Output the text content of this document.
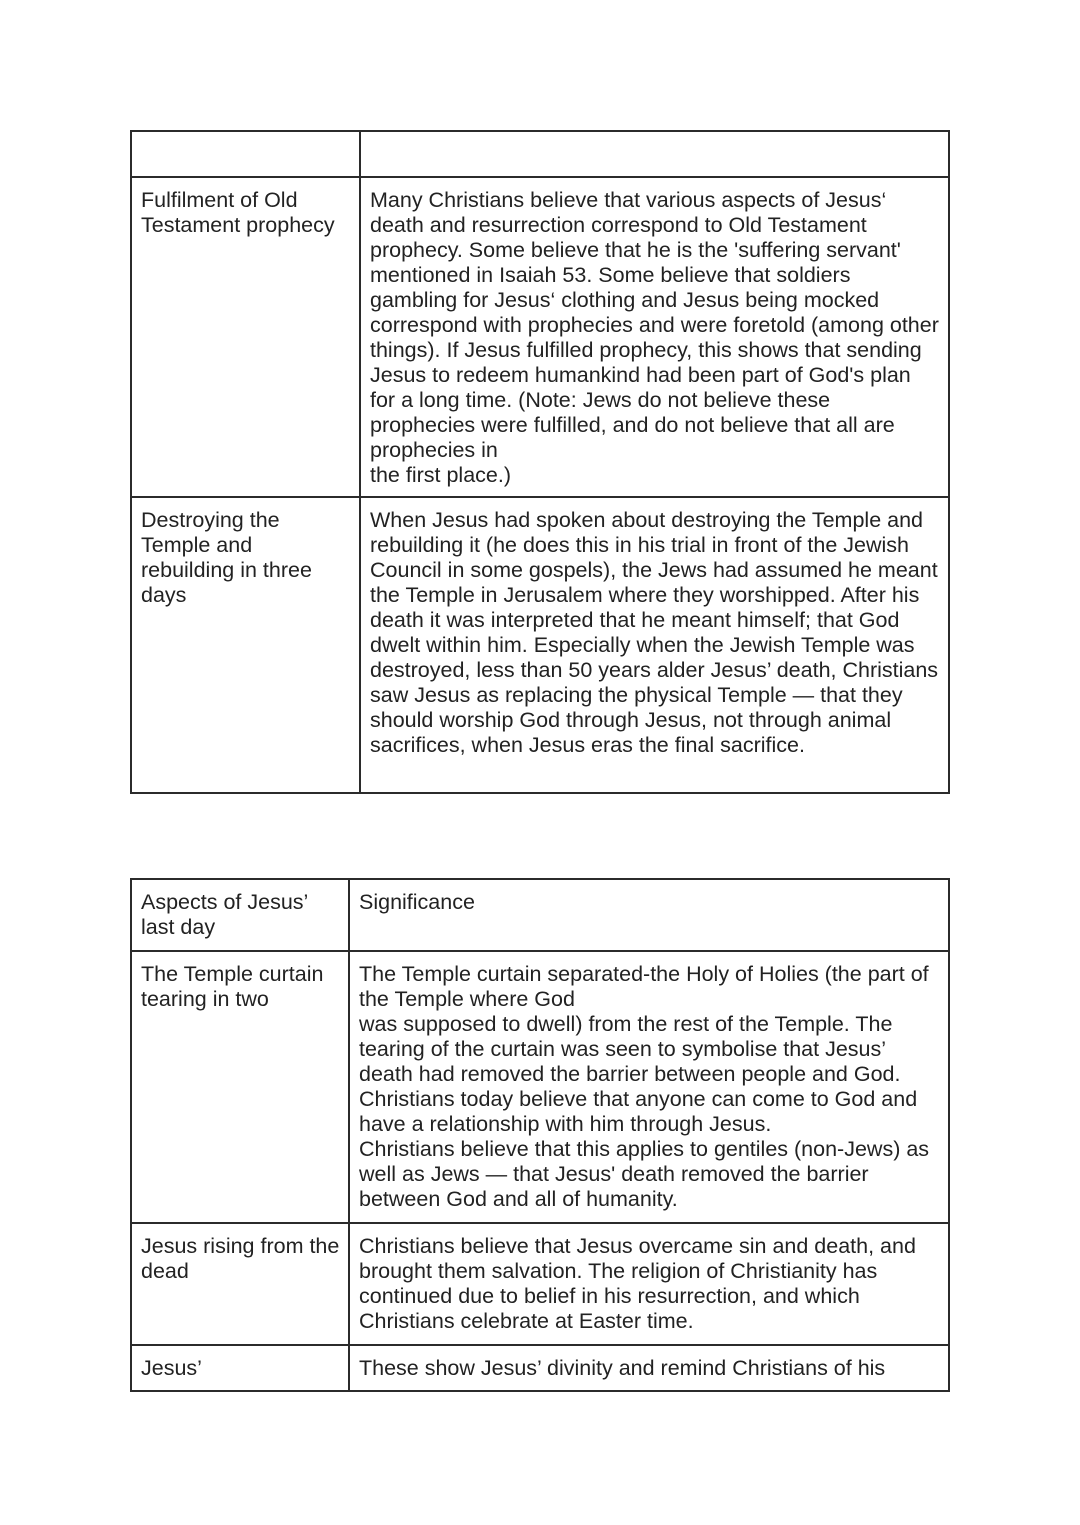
Fulfilment of Old Testament prophecy	Many Christians believe that various aspects of Jesus‘ death and resurrection correspond to Old Testament prophecy. Some believe that he is the 'suffering servant' mentioned in Isaiah 53. Some believe that soldiers gambling for Jesus‘ clothing and Jesus being mocked correspond with prophecies and were foretold (among other things). If Jesus fulfilled prophecy, this shows that sending Jesus to redeem humankind had been part of God's plan for a long time. (Note: Jews do not believe these prophecies were fulfilled, and do not believe that all are prophecies in
the first place.)

Destroying the Temple and rebuilding in three days	When Jesus had spoken about destroying the Temple and rebuilding it (he does this in his trial in front of the Jewish Council in some gospels), the Jews had assumed he meant the Temple in Jerusalem where they worshipped. After his death it was interpreted that he meant himself; that God dwelt within him. Especially when the Jewish Temple was destroyed, less than 50 years alder Jesus’ death, Christians saw Jesus as replacing the physical Temple — that they should worship God through Jesus, not through animal sacrifices, when Jesus eras the final sacrifice.
Aspects of Jesus’ last day	Significance

The Temple curtain tearing in two	The Temple curtain separated-the Holy of Holies (the part of the Temple where God
was supposed to dwell) from the rest of the Temple. The tearing of the curtain was seen to symbolise that Jesus’ death had removed the barrier between people and God. Christians today believe that anyone can come to God and have a relationship with him through Jesus.
Christians believe that this applies to gentiles (non-Jews) as well as Jews — that Jesus' death removed the barrier between God and all of humanity.

Jesus rising from the dead	Christians believe that Jesus overcame sin and death, and brought them salvation. The religion of Christianity has continued due to belief in his resurrection, and which Christians celebrate at Easter time.

Jesus’	These show Jesus’ divinity and remind Christians of his
